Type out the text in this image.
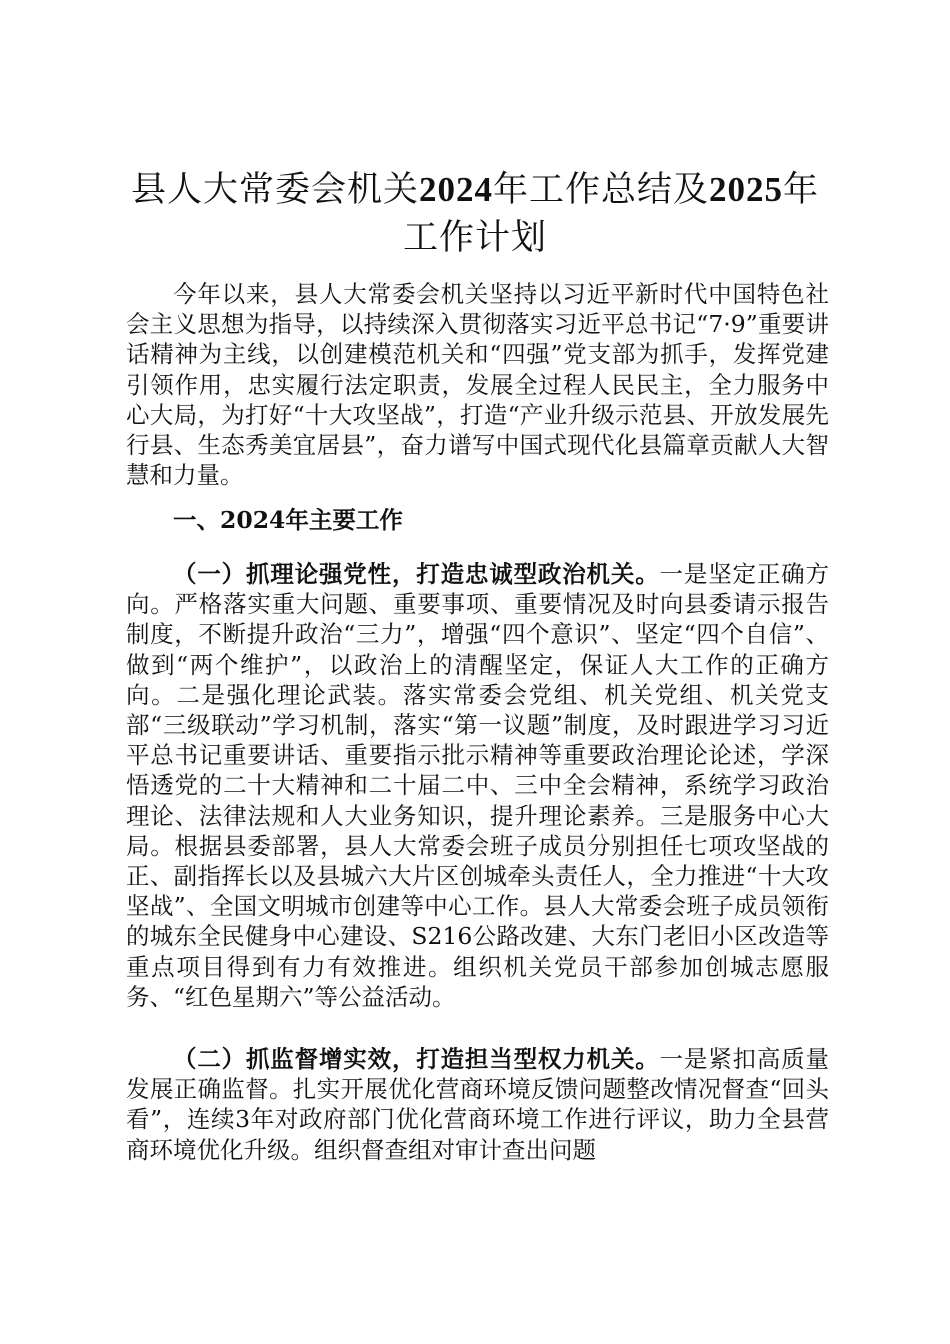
县人大常委会机关2024年工作总结及2025年
工作计划

今年以来，县人大常委会机关坚持以习近平新时代中国特色社会主义思想为指导，以持续深入贯彻落实习近平总书记“7·9”重要讲话精神为主线，以创建模范机关和“四强”党支部为抓手，发挥党建引领作用，忠实履行法定职责，发展全过程人民民主，全力服务中心大局，为打好“十大攻坚战”，打造“产业升级示范县、开放发展先行县、生态秀美宜居县”，奋力谱写中国式现代化县篇章贡献人大智慧和力量。

一、2024年主要工作

（一）抓理论强党性，打造忠诚型政治机关。一是坚定正确方向。严格落实重大问题、重要事项、重要情况及时向县委请示报告制度，不断提升政治“三力”，增强“四个意识”、坚定“四个自信”、做到“两个维护”，以政治上的清醒坚定，保证人大工作的正确方向。二是强化理论武装。落实常委会党组、机关党组、机关党支部“三级联动”学习机制，落实“第一议题”制度，及时跟进学习习近平总书记重要讲话、重要指示批示精神等重要政治理论论述，学深悟透党的二十大精神和二十届二中、三中全会精神，系统学习政治理论、法律法规和人大业务知识，提升理论素养。三是服务中心大局。根据县委部署，县人大常委会班子成员分别担任七项攻坚战的正、副指挥长以及县城六大片区创城牵头责任人，全力推进“十大攻坚战”、全国文明城市创建等中心工作。县人大常委会班子成员领衔的城东全民健身中心建设、S216公路改建、大东门老旧小区改造等重点项目得到有力有效推进。组织机关党员干部参加创城志愿服务、“红色星期六”等公益活动。

（二）抓监督增实效，打造担当型权力机关。一是紧扣高质量发展正确监督。扎实开展优化营商环境反馈问题整改情况督查“回头看”，连续3年对政府部门优化营商环境工作进行评议，助力全县营商环境优化升级。组织督查组对审计查出问题
